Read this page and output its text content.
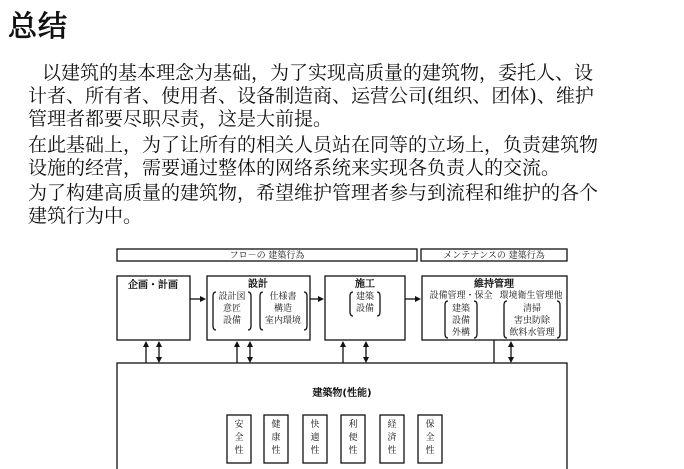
总结
以建筑的基本理念为基础，为了实现高质量的建筑物，委托人、设
计者、所有者、使用者、设备制造商、运营公司(组织、团体)、维护
管理者都要尽职尽责，这是大前提。
在此基础上，为了让所有的相关人员站在同等的立场上，负责建筑物
设施的经营，需要通过整体的网络系统来实现各负责人的交流。
为了构建高质量的建筑物，希望维护管理者参与到流程和维护的各个
建筑行为中。
フロ－の 建築行為	メンテナンスの 建築行為
企画・計画	設計
設計図
意匠
設備
仕様書
構造
室内環境
施工
建築
設備
維持管理
設備管理・保全 環境衛生管理他
建築
設備
外構
清掃
害虫防除
飲料水管理
建築物(性能)
安
全
性
健
康
性
快
適
性
利
便
性
経
済
性
保
全
性
